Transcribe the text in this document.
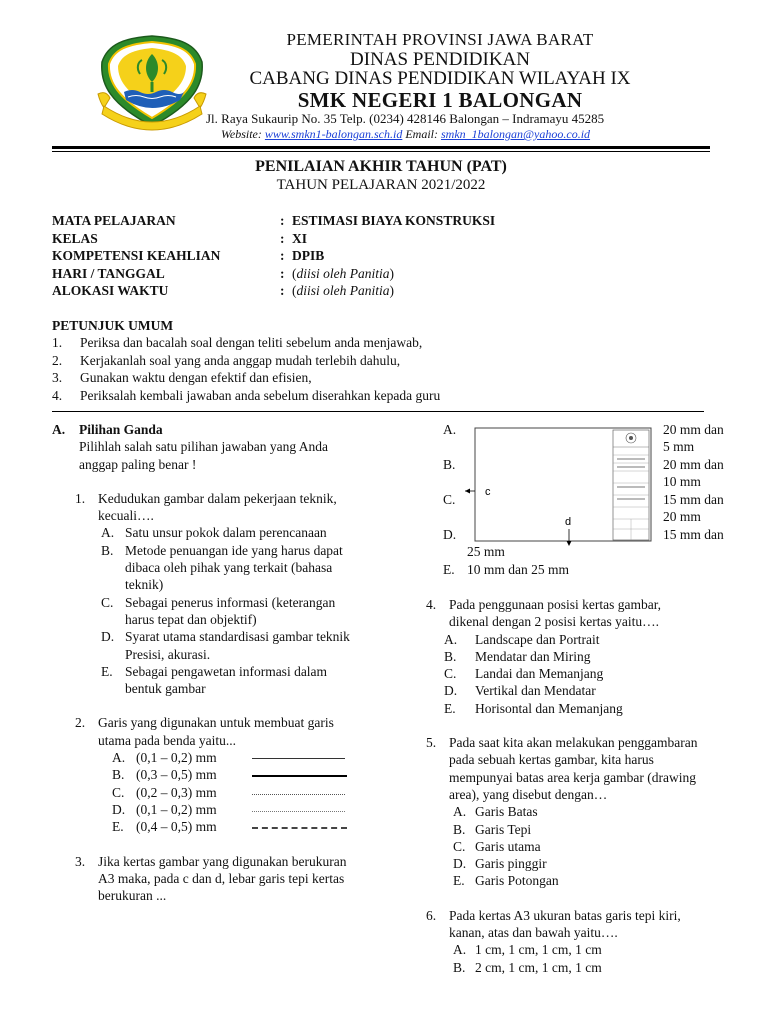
PEMERINTAH PROVINSI JAWA BARAT
DINAS PENDIDIKAN
CABANG DINAS PENDIDIKAN WILAYAH IX
SMK NEGERI 1 BALONGAN
Jl. Raya Sukaurip No. 35 Telp. (0234) 428146 Balongan – Indramayu 45285
Website: www.smkn1-balongan.sch.id Email: smkn_1balongan@yahoo.co.id
PENILAIAN AKHIR TAHUN (PAT)
TAHUN PELAJARAN 2021/2022
MATA PELAJARAN	: ESTIMASI BIAYA KONSTRUKSI
KELAS	: XI
KOMPETENSI KEAHLIAN	: DPIB
HARI / TANGGAL	: (diisi oleh Panitia)
ALOKASI WAKTU	: (diisi oleh Panitia)
PETUNJUK UMUM
1. Periksa dan bacalah soal dengan teliti sebelum anda menjawab,
2. Kerjakanlah soal yang anda anggap mudah terlebih dahulu,
3. Gunakan waktu dengan efektif dan efisien,
4. Periksalah kembali jawaban anda sebelum diserahkan kepada guru
A. Pilihan Ganda
Pilihlah salah satu pilihan jawaban yang Anda
anggap paling benar !
1. Kedudukan gambar dalam pekerjaan teknik,
kecuali….
A. Satu unsur pokok dalam perencanaan
B. Metode penuangan ide yang harus dapat
dibaca oleh pihak yang terkait (bahasa
teknik)
C. Sebagai penerus informasi (keterangan
harus tepat dan objektif)
D. Syarat utama standardisasi gambar teknik
Presisi, akurasi.
E. Sebagai pengawetan informasi dalam
bentuk gambar
2. Garis yang digunakan untuk membuat garis
utama pada benda yaitu...
A. (0,1 – 0,2) mm
B. (0,3 – 0,5) mm
C. (0,2 – 0,3) mm
D. (0,1 – 0,2) mm
E. (0,4 – 0,5) mm
3. Jika kertas gambar yang digunakan berukuran
A3 maka, pada c dan d, lebar garis tepi kertas
berukuran ...
A.
B.
C.
D.
20 mm dan
5 mm
20 mm dan
10 mm
15 mm dan
20 mm
15 mm dan
25 mm
E. 10 mm dan 25 mm
c
d
4. Pada penggunaan posisi kertas gambar,
dikenal dengan 2 posisi kertas yaitu….
A. Landscape dan Portrait
B. Mendatar dan Miring
C. Landai dan Memanjang
D. Vertikal dan Mendatar
E. Horisontal dan Memanjang
5. Pada saat kita akan melakukan penggambaran
pada sebuah kertas gambar, kita harus
mempunyai batas area kerja gambar (drawing
area), yang disebut dengan…
A. Garis Batas
B. Garis Tepi
C. Garis utama
D. Garis pinggir
E. Garis Potongan
6. Pada kertas A3 ukuran batas garis tepi kiri,
kanan, atas dan bawah yaitu….
A. 1 cm, 1 cm, 1 cm, 1 cm
B. 2 cm, 1 cm, 1 cm, 1 cm
